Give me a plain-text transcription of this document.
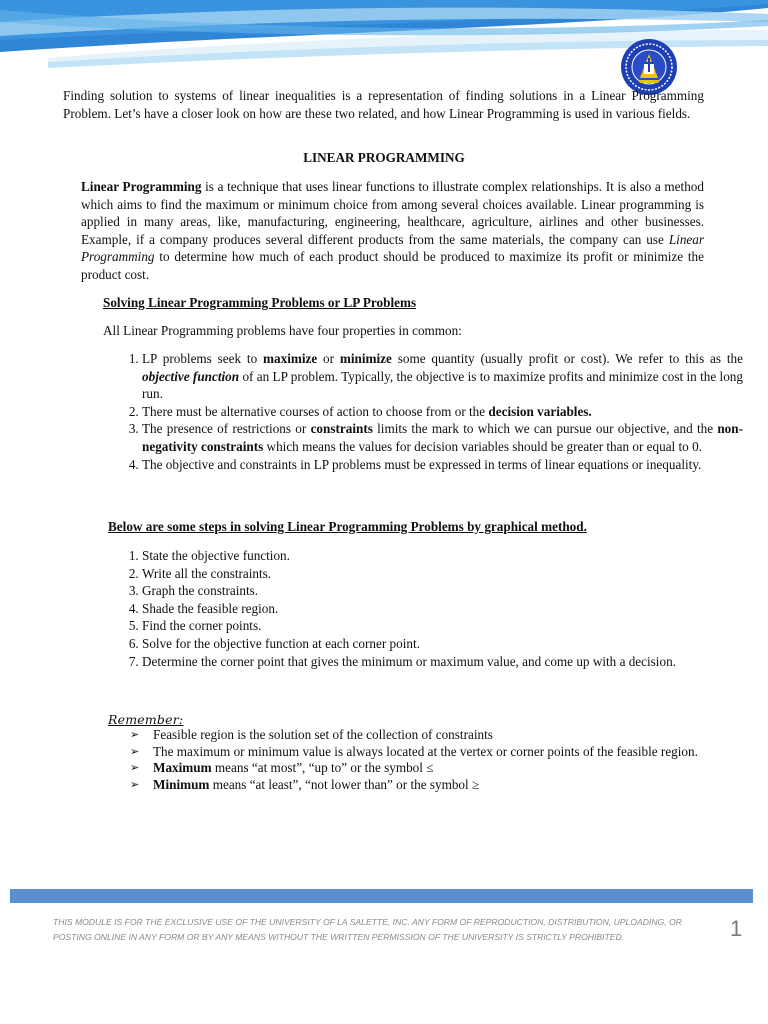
Finding solution to systems of linear inequalities is a representation of finding solutions in a Linear Programming Problem. Let’s have a closer look on how are these two related, and how Linear Programming is used in various fields.
LINEAR PROGRAMMING
Linear Programming is a technique that uses linear functions to illustrate complex relationships. It is also a method which aims to find the maximum or minimum choice from among several choices available. Linear programming is applied in many areas, like, manufacturing, engineering, healthcare, agriculture, airlines and other businesses. Example, if a company produces several different products from the same materials, the company can use Linear Programming to determine how much of each product should be produced to maximize its profit or minimize the product cost.
Solving Linear Programming Problems or LP Problems
All Linear Programming problems have four properties in common:
1. LP problems seek to maximize or minimize some quantity (usually profit or cost). We refer to this as the objective function of an LP problem. Typically, the objective is to maximize profits and minimize cost in the long run.
2. There must be alternative courses of action to choose from or the decision variables.
3. The presence of restrictions or constraints limits the mark to which we can pursue our objective, and the non-negativity constraints which means the values for decision variables should be greater than or equal to 0.
4. The objective and constraints in LP problems must be expressed in terms of linear equations or inequality.
Below are some steps in solving Linear Programming Problems by graphical method.
1. State the objective function.
2. Write all the constraints.
3. Graph the constraints.
4. Shade the feasible region.
5. Find the corner points.
6. Solve for the objective function at each corner point.
7. Determine the corner point that gives the minimum or maximum value, and come up with a decision.
Remember:
➢ Feasible region is the solution set of the collection of constraints
➢ The maximum or minimum value is always located at the vertex or corner points of the feasible region.
➢ Maximum means “at most”, “up to” or the symbol ≤
➢ Minimum means “at least”, “not lower than” or the symbol ≥
THIS MODULE IS FOR THE EXCLUSIVE USE OF THE UNIVERSITY OF LA SALETTE, INC. ANY FORM OF REPRODUCTION, DISTRIBUTION, UPLOADING, OR POSTING ONLINE IN ANY FORM OR BY ANY MEANS WITHOUT THE WRITTEN PERMISSION OF THE UNIVERSITY IS STRICTLY PROHIBITED.	1
